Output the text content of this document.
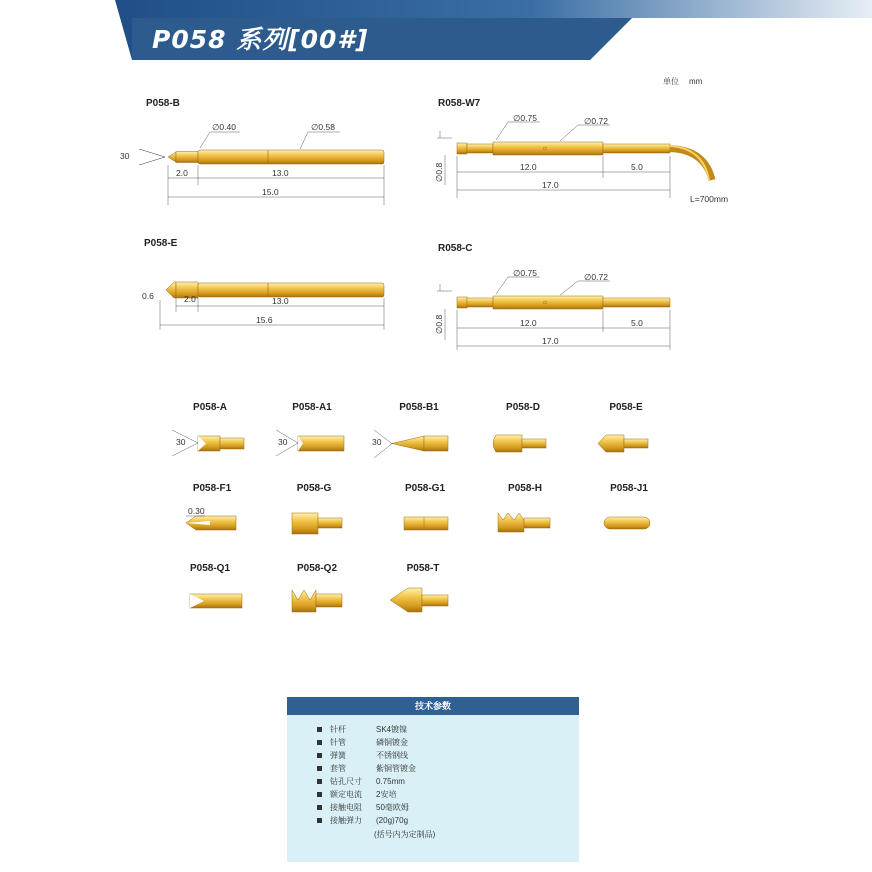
P058 系列[00#]
单位 mm
30
∅0.40	∅0.58
2.0	13.0
15.0
∅0.75	∅0.72
12.0	5.0
17.0
L=700mm
∅0.8
0.6	2.0	13.0
15.6
∅0.75	∅0.72
12.0	5.0
17.0
∅0.8
30	30	30
0.30
P058-B	R058-W7
P058-E	R058-C
P058-A	P058-A1	P058-B1	P058-D	P058-E
P058-F1	P058-G	P058-G1	P058-H	P058-J1
P058-Q1	P058-Q2	P058-T
技术参数
针杆	SK4镀镍
针管	磷铜镀金
弹簧	不锈钢线
套管	紫铜管镀金
钻孔尺寸 0.75mm
额定电流 2安培
接触电阻 50毫欧姆
接触弹力 (20g)70g
(括号内为定制品)
